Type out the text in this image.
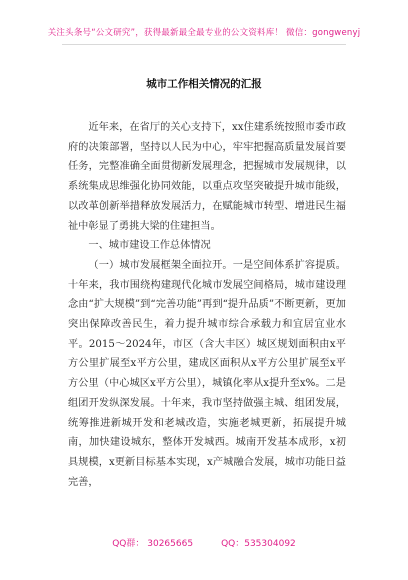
关注头条号“公文研究”，获得最新最全最专业的公文资料库！ 微信：gongwenyj
城市工作相关情况的汇报

近年来，在省厅的关心支持下，xx住建系统按照市委市政府的决策部署，坚持以人民为中心，牢牢把握高质量发展首要任务，完整准确全面贯彻新发展理念，把握城市发展规律，以系统集成思维强化协同效能，以重点攻坚突破提升城市能级，以改革创新举措释放发展活力，在赋能城市转型、增进民生福祉中彰显了勇挑大梁的住建担当。

一、城市建设工作总体情况

（一）城市发展框架全面拉开。一是空间体系扩容提质。十年来，我市围绕构建现代化城市发展空间格局，城市建设理念由“扩大规模”到“完善功能”再到“提升品质”不断更新，更加突出保障改善民生，着力提升城市综合承载力和宜居宜业水平。2015～2024年，市区（含大丰区）城区规划面积由x平方公里扩展至x平方公里，建成区面积从x平方公里扩展至x平方公里（中心城区x平方公里），城镇化率从x提升至x%。二是组团开发纵深发展。十年来，我市坚持做强主城、组团发展，统筹推进新城开发和老城改造，实施老城更新，拓展提升城南，加快建设城东，整体开发城西。城南开发基本成形，x初具规模，x更新目标基本实现，x产城融合发展，城市功能日益完善，

QQ群： 30265665	QQ：535304092
